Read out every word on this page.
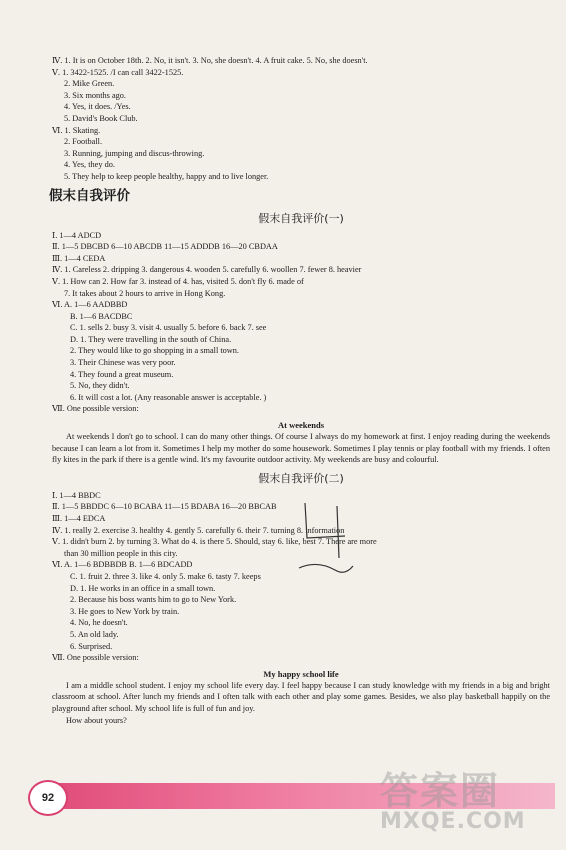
Ⅳ. 1. It is on October 18th. 2. No, it isn't. 3. No, she doesn't. 4. A fruit cake. 5. No, she doesn't.
Ⅴ. 1. 3422-1525. /I can call 3422-1525.
2. Mike Green.
3. Six months ago.
4. Yes, it does. /Yes.
5. David's Book Club.
Ⅵ. 1. Skating.
2. Football.
3. Running, jumping and discus-throwing.
4. Yes, they do.
5. They help to keep people healthy, happy and to live longer.
假末自我评价
假末自我评价(一)
Ⅰ. 1—4 ADCD
Ⅱ. 1—5 DBCBD 6—10 ABCDB 11—15 ADDDB 16—20 CBDAA
Ⅲ. 1—4 CEDA
Ⅳ. 1. Careless 2. dripping 3. dangerous 4. wooden 5. carefully 6. woollen 7. fewer 8. heavier
Ⅴ. 1. How can 2. How far 3. instead of 4. has, visited 5. don't fly 6. made of
7. It takes about 2 hours to arrive in Hong Kong.
Ⅵ. A. 1—6 AADBBD
B. 1—6 BACDBC
C. 1. sells 2. busy 3. visit 4. usually 5. before 6. back 7. see
D. 1. They were travelling in the south of China.
2. They would like to go shopping in a small town.
3. Their Chinese was very poor.
4. They found a great museum.
5. No, they didn't.
6. It will cost a lot. (Any reasonable answer is acceptable. )
Ⅶ. One possible version:
At weekends

At weekends I don't go to school. I can do many other things. Of course I always do my homework at first. I enjoy reading during the weekends because I can learn a lot from it. Sometimes I help my mother do some housework. Sometimes I play tennis or play football with my friends. I often fly kites in the park if there is a gentle wind. It's my favourite outdoor activity. My weekends are busy and colourful.

假末自我评价(二)
Ⅰ. 1—4 BBDC
Ⅱ. 1—5 BBDDC 6—10 BCABA 11—15 BDABA 16—20 BBCAB
Ⅲ. 1—4 EDCA
Ⅳ. 1. really 2. exercise 3. healthy 4. gently 5. carefully 6. their 7. turning 8. information
Ⅴ. 1. didn't burn 2. by turning 3. What do 4. is there 5. Should, stay 6. like, best 7. There are more
than 30 million people in this city.
Ⅵ. A. 1—6 BDBBDB B. 1—6 BDCADD
C. 1. fruit 2. three 3. like 4. only 5. make 6. tasty 7. keeps
D. 1. He works in an office in a small town.
2. Because his boss wants him to go to New York.
3. He goes to New York by train.
4. No, he doesn't.
5. An old lady.
6. Surprised.
Ⅶ. One possible version:
My happy school life

I am a middle school student. I enjoy my school life every day. I feel happy because I can study knowledge with my friends in a big and bright classroom at school. After lunch my friends and I often talk with each other and play some games. Besides, we also play basketball happily on the playground after school. My school life is full of fun and joy.

How about yours?

92	答案圈
MXQE.COM
